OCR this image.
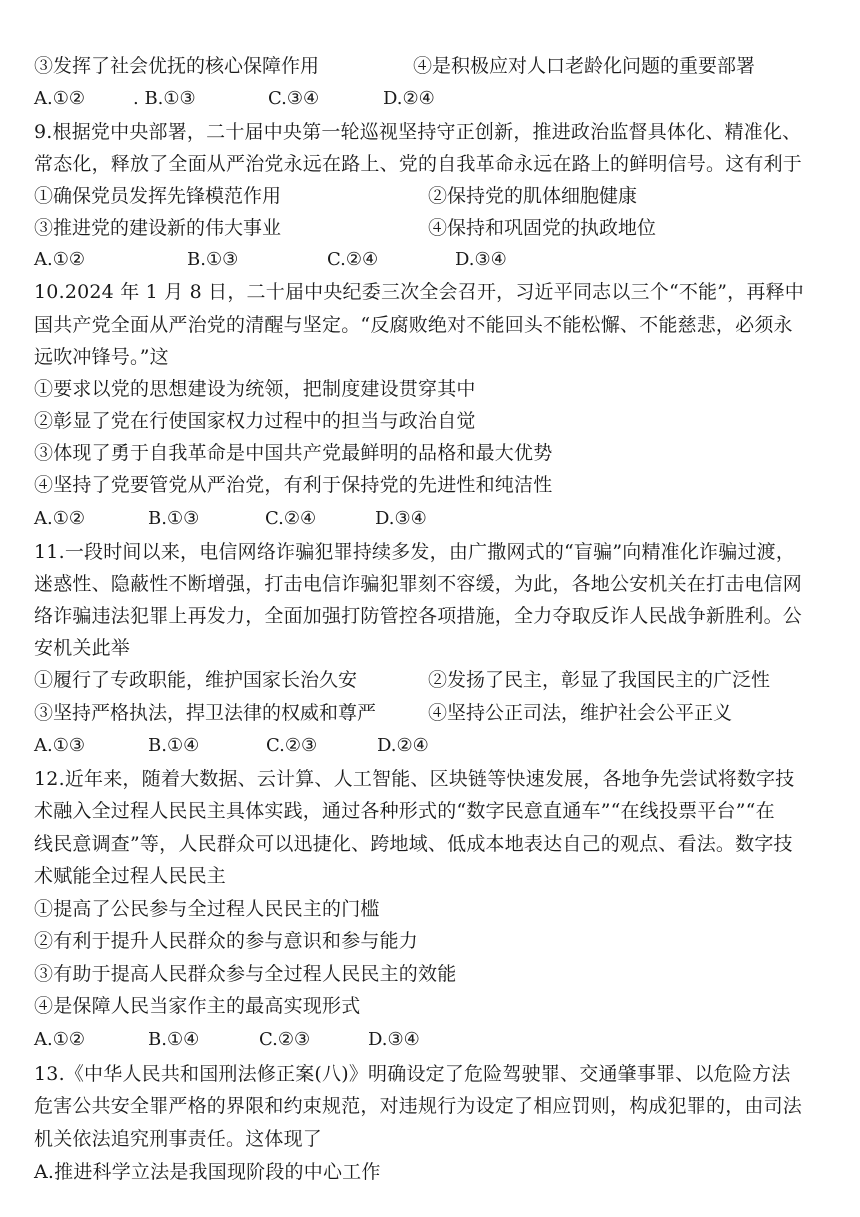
③发挥了社会优抚的核心保障作用	④是积极应对人口老龄化问题的重要部署
A.①②	. B.①③	C.③④	D.②④
9.根据党中央部署，二十届中央第一轮巡视坚持守正创新，推进政治监督具体化、精准化、
常态化，释放了全面从严治党永远在路上、党的自我革命永远在路上的鲜明信号。这有利于
①确保党员发挥先锋模范作用	②保持党的肌体细胞健康
③推进党的建设新的伟大事业	④保持和巩固党的执政地位
A.①②	B.①③	C.②④	D.③④
10.2024 年 1 月 8 日，二十届中央纪委三次全会召开，习近平同志以三个“不能”，再释中
国共产党全面从严治党的清醒与坚定。“反腐败绝对不能回头不能松懈、不能慈悲，必须永
远吹冲锋号。”这
①要求以党的思想建设为统领，把制度建设贯穿其中
②彰显了党在行使国家权力过程中的担当与政治自觉
③体现了勇于自我革命是中国共产党最鲜明的品格和最大优势
④坚持了党要管党从严治党，有利于保持党的先进性和纯洁性
A.①②	B.①③	C.②④	D.③④
11.一段时间以来，电信网络诈骗犯罪持续多发，由广撒网式的“盲骗”向精准化诈骗过渡，
迷惑性、隐蔽性不断增强，打击电信诈骗犯罪刻不容缓，为此，各地公安机关在打击电信网
络诈骗违法犯罪上再发力，全面加强打防管控各项措施，全力夺取反诈人民战争新胜利。公
安机关此举
①履行了专政职能，维护国家长治久安	②发扬了民主，彰显了我国民主的广泛性
③坚持严格执法，捍卫法律的权威和尊严	④坚持公正司法，维护社会公平正义
A.①③	B.①④	C.②③	D.②④
12.近年来，随着大数据、云计算、人工智能、区块链等快速发展，各地争先尝试将数字技
术融入全过程人民民主具体实践，通过各种形式的“数字民意直通车”“在线投票平台”“在
线民意调查”等，人民群众可以迅捷化、跨地域、低成本地表达自己的观点、看法。数字技
术赋能全过程人民民主
①提高了公民参与全过程人民民主的门槛
②有利于提升人民群众的参与意识和参与能力
③有助于提高人民群众参与全过程人民民主的效能
④是保障人民当家作主的最高实现形式
A.①②	B.①④	C.②③	D.③④
13.《中华人民共和国刑法修正案(八)》明确设定了危险驾驶罪、交通肇事罪、以危险方法
危害公共安全罪严格的界限和约束规范，对违规行为设定了相应罚则，构成犯罪的，由司法
机关依法追究刑事责任。这体现了
A.推进科学立法是我国现阶段的中心工作
